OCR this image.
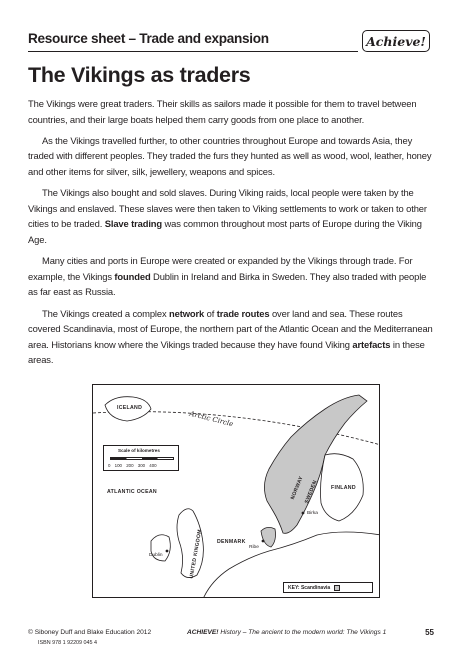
Resource sheet – Trade and expansion	Achieve!
The Vikings as traders

The Vikings were great traders. Their skills as sailors made it possible for them to travel between countries, and their large boats helped them carry goods from one place to another.

As the Vikings travelled further, to other countries throughout Europe and towards Asia, they traded with different peoples. They traded the furs they hunted as well as wood, wool, leather, honey and other items for silver, silk, jewellery, weapons and spices.

The Vikings also bought and sold slaves. During Viking raids, local people were taken by the Vikings and enslaved. These slaves were then taken to Viking settlements to work or taken to other cities to be traded. Slave trading was common throughout most parts of Europe during the Viking Age.

Many cities and ports in Europe were created or expanded by the Vikings through trade. For example, the Vikings founded Dublin in Ireland and Birka in Sweden. They also traded with people as far east as Russia.

The Vikings created a complex network of trade routes over land and sea. These routes covered Scandinavia, most of Europe, the northern part of the Atlantic Ocean and the Mediterranean area. Historians know where the Vikings traded because they have found Viking artefacts in these areas.

Arctic Circle
ICELAND
ATLANTIC OCEAN	NORWAY SWEDEN FINLAND
DENMARK
UNITED KINGDOM
Dublin
Birka
Ribe
Scale of kilometres
0 100 200 300 400
KEY: Scandinavia
© Siboney Duff and Blake Education 2012
ISBN 978 1 92209 045 4
ACHIEVE! History – The ancient to the modern world: The Vikings 1	55
